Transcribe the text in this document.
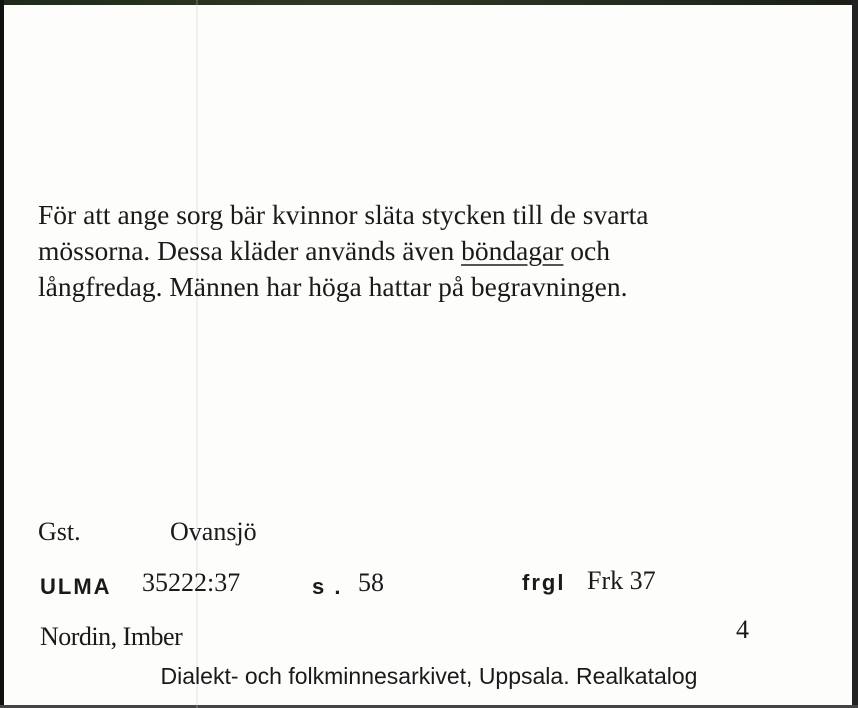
För att ange sorg bär kvinnor släta stycken till de svarta

mössorna. Dessa kläder används även böndagar och

långfredag. Männen har höga hattar på begravningen.

Gst.	Ovansjö
ULMA 35222:37	s . 58	frgl Frk 37
Nordin, Imber	4
Dialekt- och folkminnesarkivet, Uppsala. Realkatalog
